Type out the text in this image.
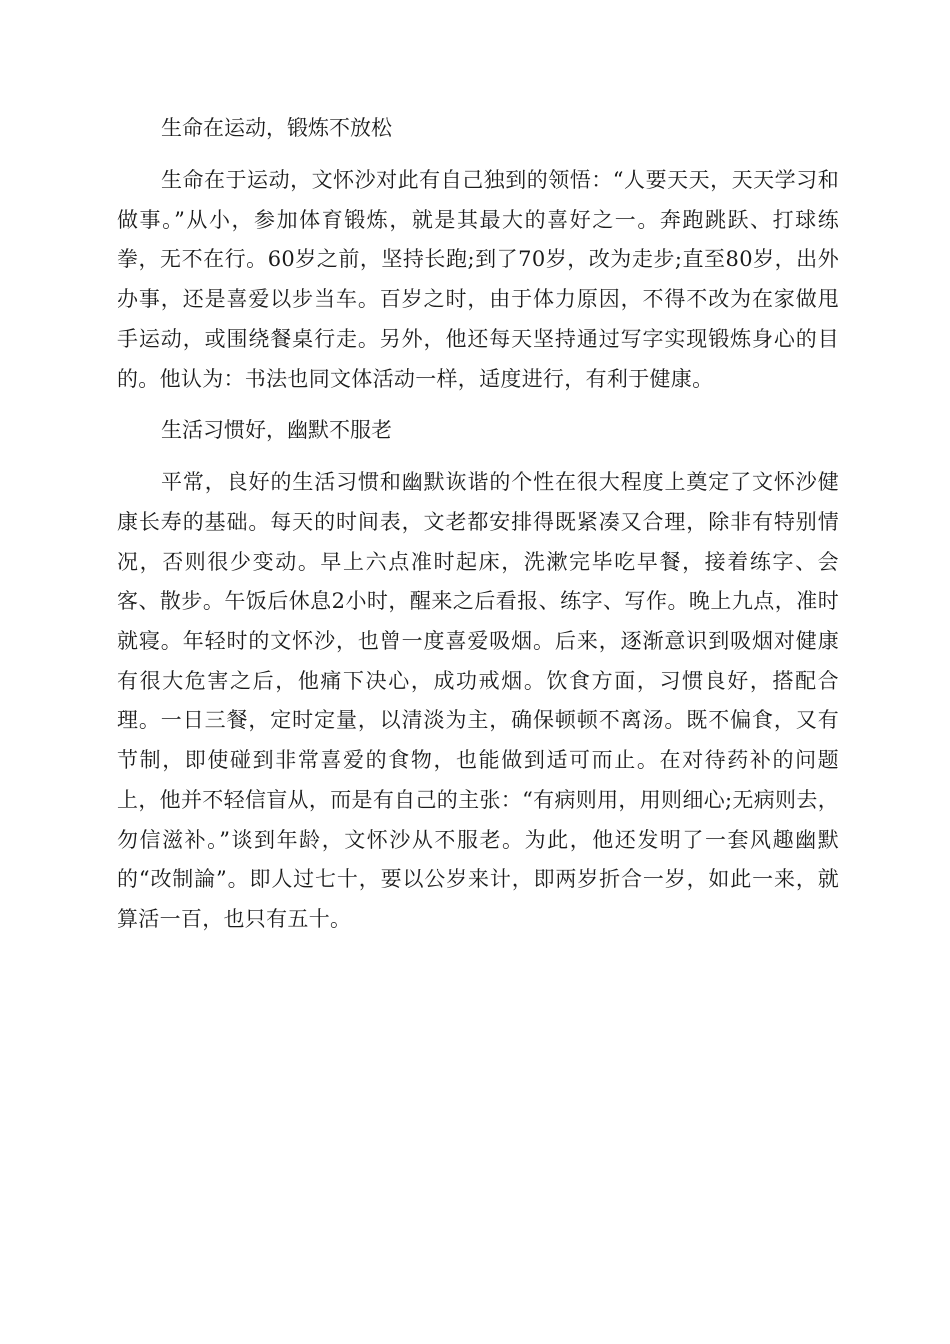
生命在运动，锻炼不放松

生命在于运动，文怀沙对此有自己独到的领悟：“人要天天，天天学习和做事。”从小，参加体育锻炼，就是其最大的喜好之一。奔跑跳跃、打球练拳，无不在行。60岁之前，坚持长跑;到了70岁，改为走步;直至80岁，出外办事，还是喜爱以步当车。百岁之时，由于体力原因，不得不改为在家做甩手运动，或围绕餐桌行走。另外，他还每天坚持通过写字实现锻炼身心的目的。他认为：书法也同文体活动一样，适度进行，有利于健康。

生活习惯好，幽默不服老

平常，良好的生活习惯和幽默诙谐的个性在很大程度上奠定了文怀沙健康长寿的基础。每天的时间表，文老都安排得既紧凑又合理，除非有特别情况，否则很少变动。早上六点准时起床，洗漱完毕吃早餐，接着练字、会客、散步。午饭后休息2小时，醒来之后看报、练字、写作。晚上九点，准时就寝。年轻时的文怀沙，也曾一度喜爱吸烟。后来，逐渐意识到吸烟对健康有很大危害之后，他痛下决心，成功戒烟。饮食方面，习惯良好，搭配合理。一日三餐，定时定量，以清淡为主，确保顿顿不离汤。既不偏食，又有节制，即使碰到非常喜爱的食物，也能做到适可而止。在对待药补的问题上，他并不轻信盲从，而是有自己的主张：“有病则用，用则细心;无病则去，勿信滋补。”谈到年龄，文怀沙从不服老。为此，他还发明了一套风趣幽默的“改制論”。即人过七十，要以公岁来计，即两岁折合一岁，如此一来，就算活一百，也只有五十。
